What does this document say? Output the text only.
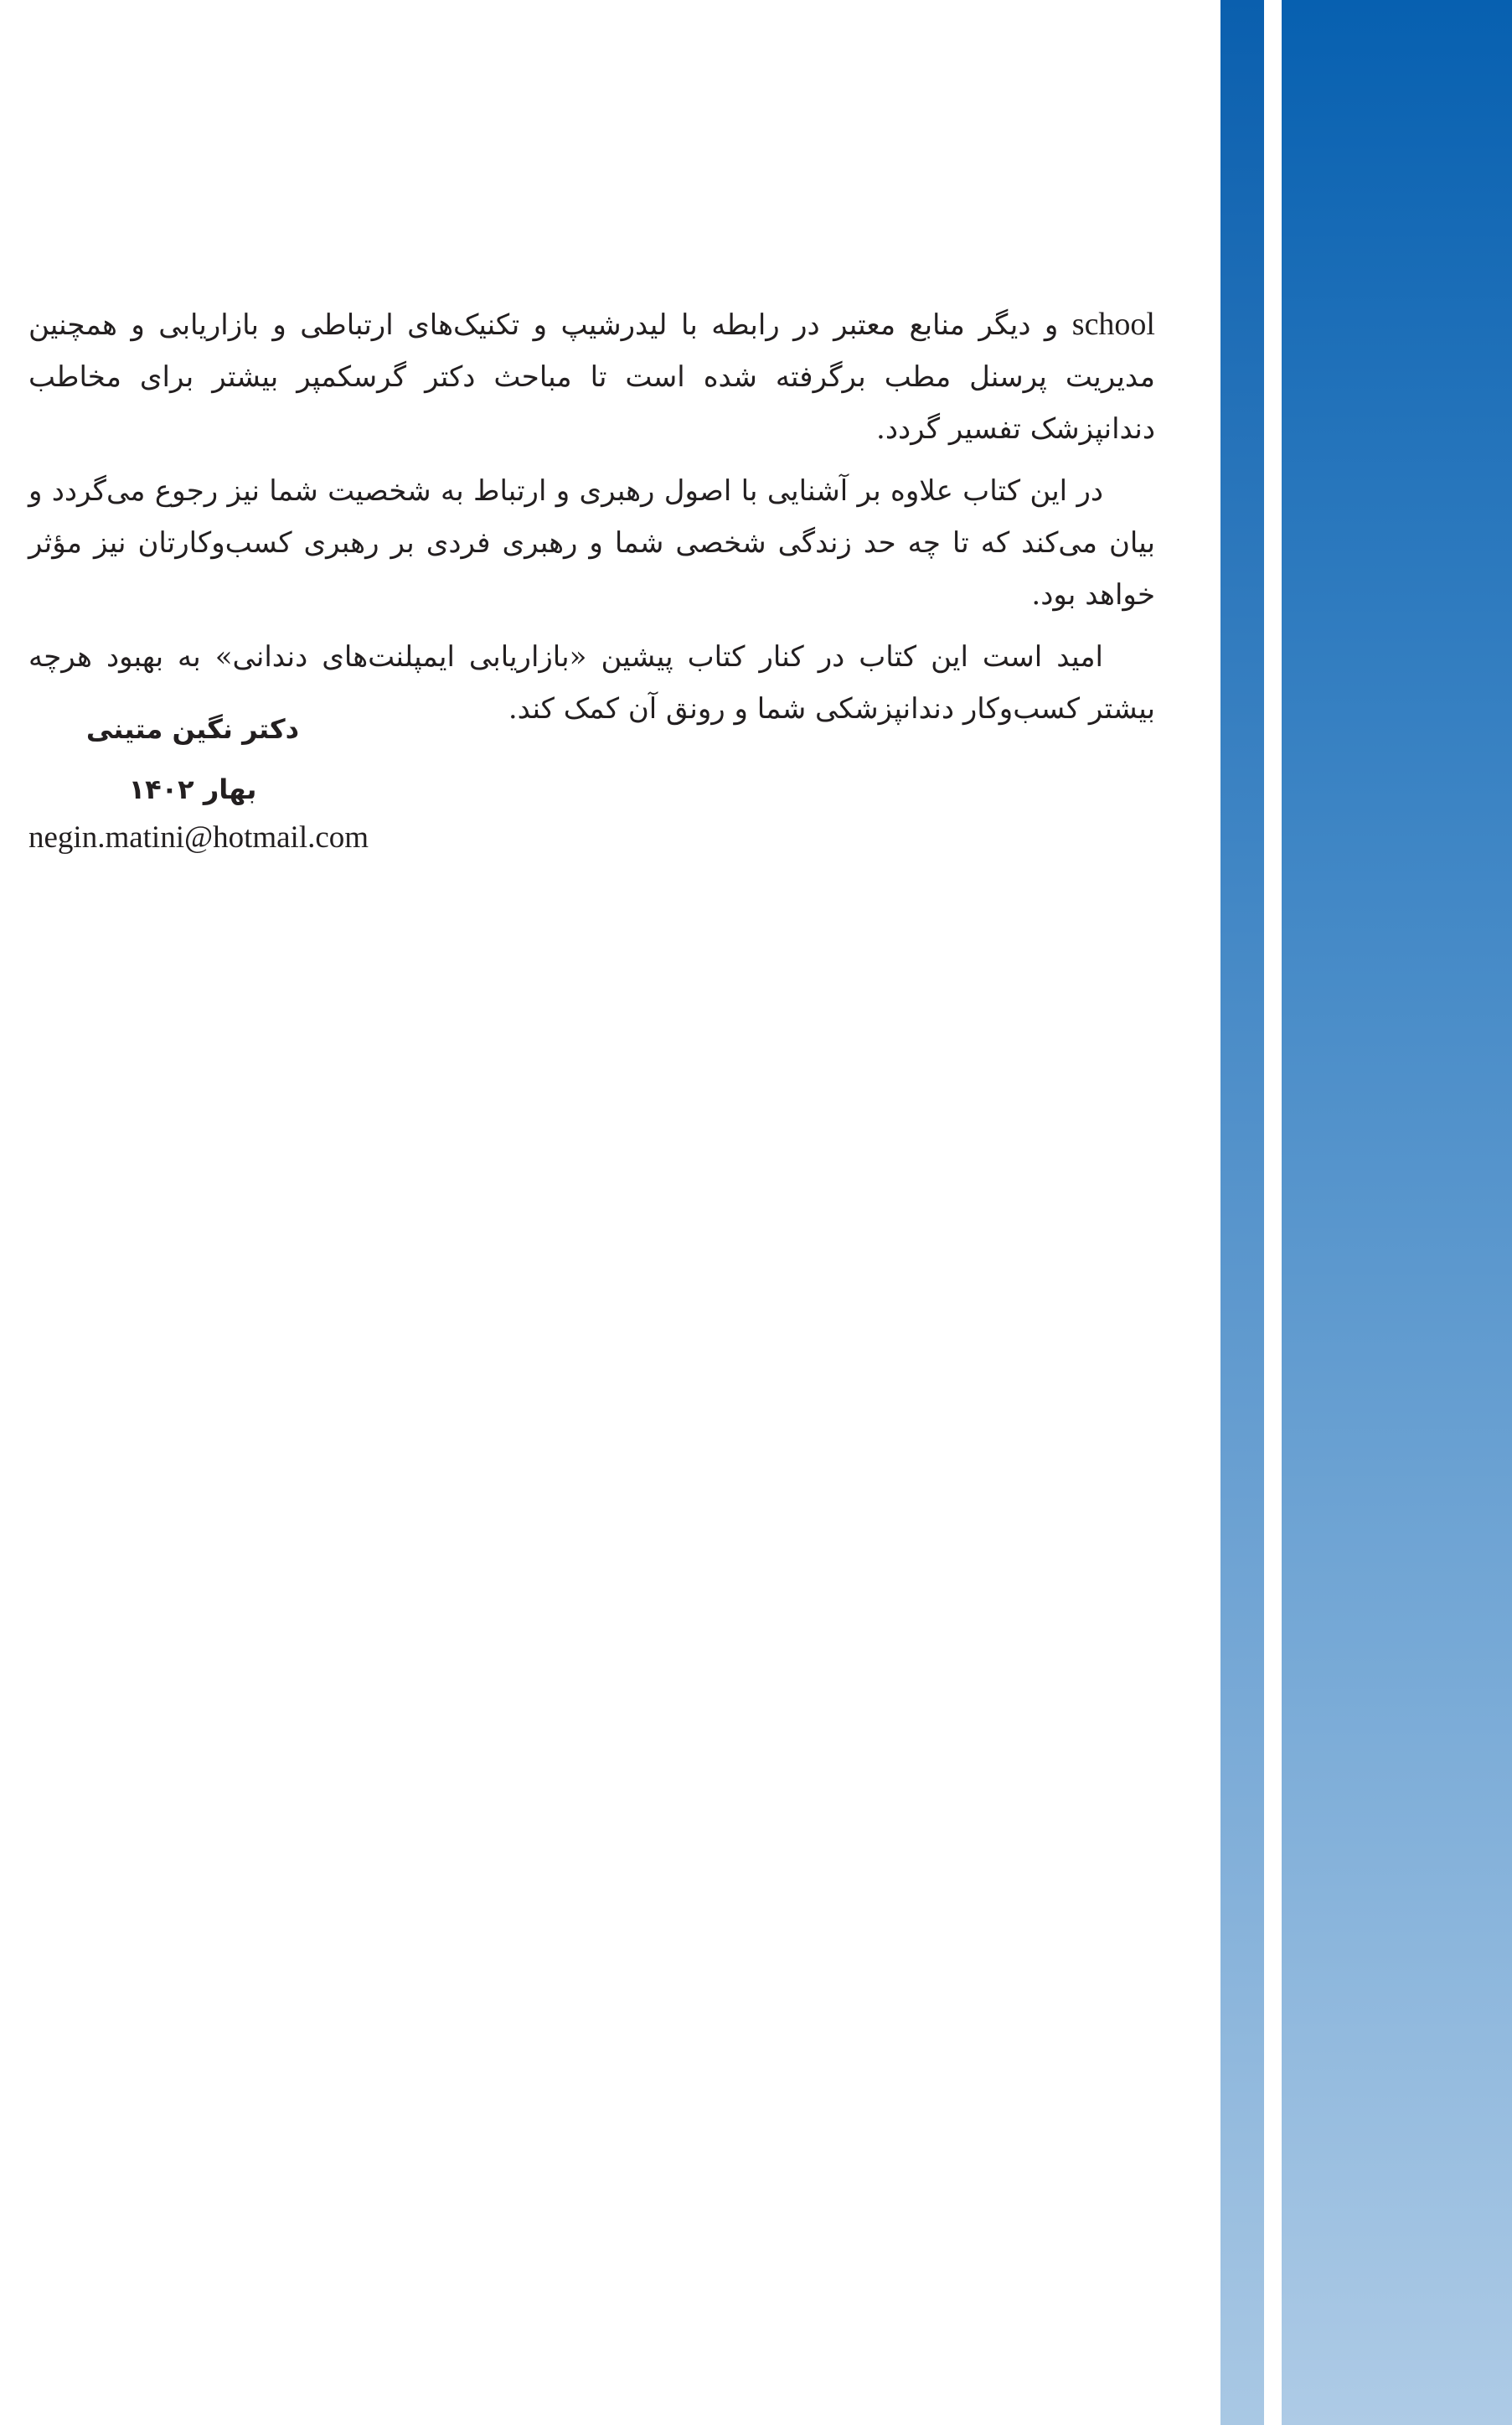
school و دیگر منابع معتبر در رابطه با لیدرشیپ و تکنیک‌های ارتباطی و بازاریابی و همچنین مدیریت پرسنل مطب برگرفته شده است تا مباحث دکتر گرسکمپر بیشتر برای مخاطب دندانپزشک تفسیر گردد.

در این کتاب علاوه بر آشنایی با اصول رهبری و ارتباط به شخصیت شما نیز رجوع می‌گردد و بیان می‌کند که تا چه حد زندگی شخصی شما و رهبری فردی بر رهبری کسب‌وکارتان نیز مؤثر خواهد بود.

امید است این کتاب در کنار کتاب پیشین «بازاریابی ایمپلنت‌های دندانی» به بهبود هرچه بیشتر کسب‌وکار دندانپزشکی شما و رونق آن کمک کند.

دکتر نگین متینی
بهار ۱۴۰۲
negin.matini@hotmail.com
